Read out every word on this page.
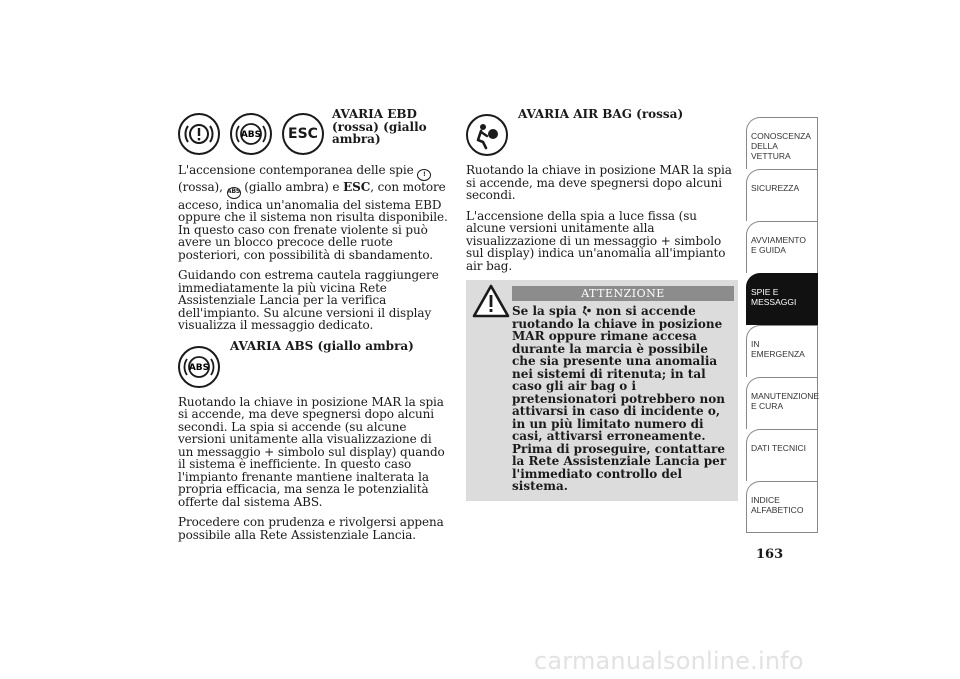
ABS ESC
AVARIA EBD (rossa) (giallo ambra)

L'accensione contemporanea delle spie ! (rossa), ABS (giallo ambra) e ESC, con motore acceso, indica un'anomalia del sistema EBD oppure che il sistema non risulta disponibile. In questo caso con frenate violente si può avere un blocco precoce delle ruote posteriori, con possibilità di sbandamento.

Guidando con estrema cautela raggiungere immediatamente la più vicina Rete Assistenziale Lancia per la verifica dell'impianto. Su alcune versioni il display visualizza il messaggio dedicato.

ABS
AVARIA ABS (giallo ambra)

Ruotando la chiave in posizione MAR la spia si accende, ma deve spegnersi dopo alcuni secondi. La spia si accende (su alcune versioni unitamente alla visualizzazione di un messaggio + simbolo sul display) quando il sistema è inefficiente. In questo caso l'impianto frenante mantiene inalterata la propria efficacia, ma senza le potenzialità offerte dal sistema ABS.

Procedere con prudenza e rivolgersi appena possibile alla Rete Assistenziale Lancia.

AVARIA AIR BAG (rossa)

Ruotando la chiave in posizione MAR la spia si accende, ma deve spegnersi dopo alcuni secondi.

L'accensione della spia a luce fissa (su alcune versioni unitamente alla visualizzazione di un messaggio + simbolo sul display) indica un'anomalia all'impianto air bag.

ATTENZIONE
Se la spia  non si accende ruotando la chiave in posizione MAR oppure rimane accesa durante la marcia è possibile che sia presente una anomalia nei sistemi di ritenuta; in tal caso gli air bag o i pretensionatori potrebbero non attivarsi in caso di incidente o, in un più limitato numero di casi, attivarsi erroneamente. Prima di proseguire, contattare la Rete Assistenziale Lancia per l'immediato controllo del sistema.
CONOSCENZA DELLA VETTURA
SICUREZZA
AVVIAMENTO E GUIDA
SPIE E MESSAGGI
IN EMERGENZA
MANUTENZIONE E CURA
DATI TECNICI
INDICE ALFABETICO
163
carmanualsonline.info
